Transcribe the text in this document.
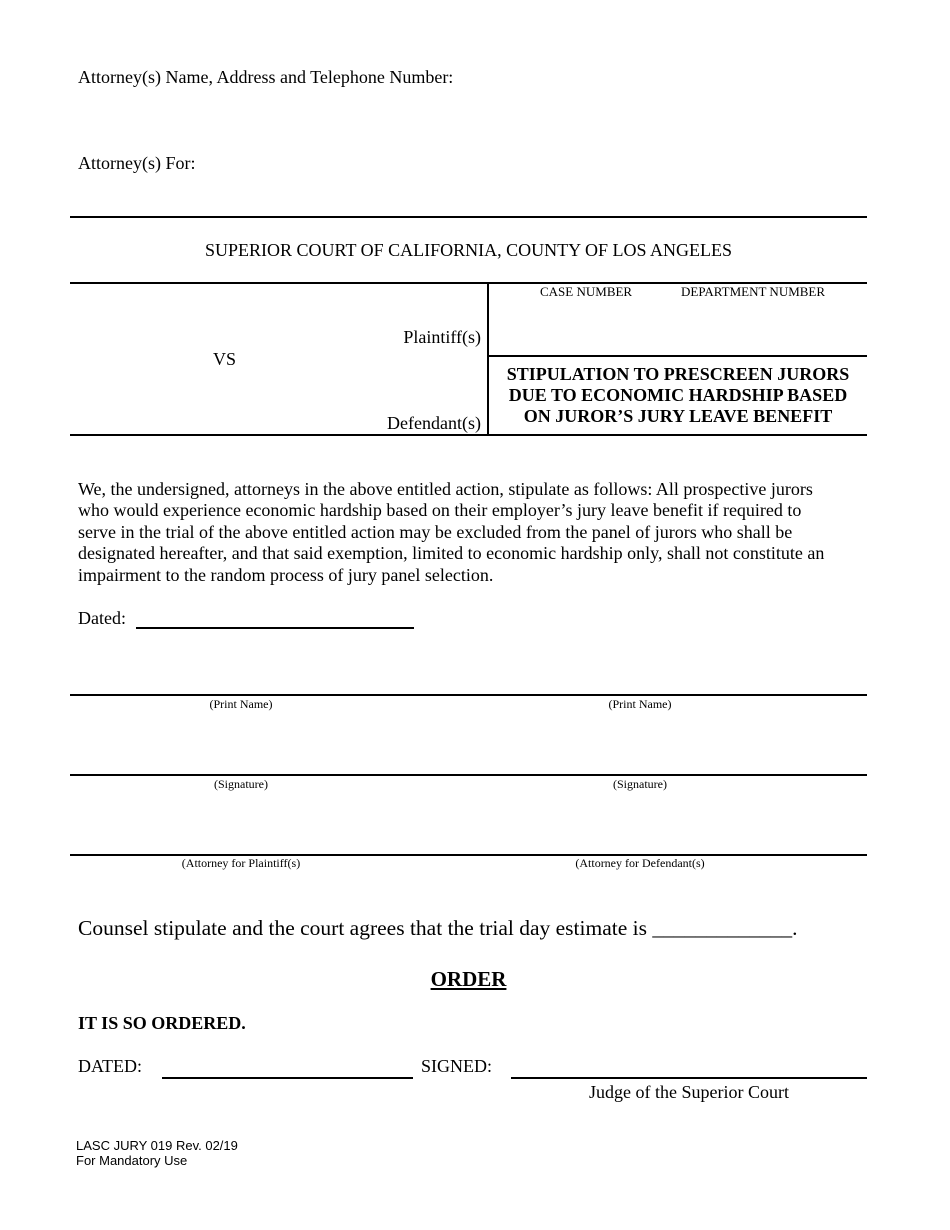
Attorney(s) Name, Address and Telephone Number:
Attorney(s) For:
SUPERIOR COURT OF CALIFORNIA, COUNTY OF LOS ANGELES
Plaintiff(s)
VS
Defendant(s)
CASE NUMBER	DEPARTMENT NUMBER
STIPULATION TO PRESCREEN JURORS
DUE TO ECONOMIC HARDSHIP BASED
ON JUROR’S JURY LEAVE BENEFIT
We, the undersigned, attorneys in the above entitled action, stipulate as follows: All prospective jurors
who would experience economic hardship based on their employer’s jury leave benefit if required to
serve in the trial of the above entitled action may be excluded from the panel of jurors who shall be
designated hereafter, and that said exemption, limited to economic hardship only, shall not constitute an
impairment to the random process of jury panel selection.
Dated:
(Print Name)	(Print Name)
(Signature)	(Signature)
(Attorney for Plaintiff(s)	(Attorney for Defendant(s)
Counsel stipulate and the court agrees that the trial day estimate is _____________.
ORDER
IT IS SO ORDERED.
DATED:	SIGNED:
Judge of the Superior Court
LASC JURY 019 Rev. 02/19
For Mandatory Use
